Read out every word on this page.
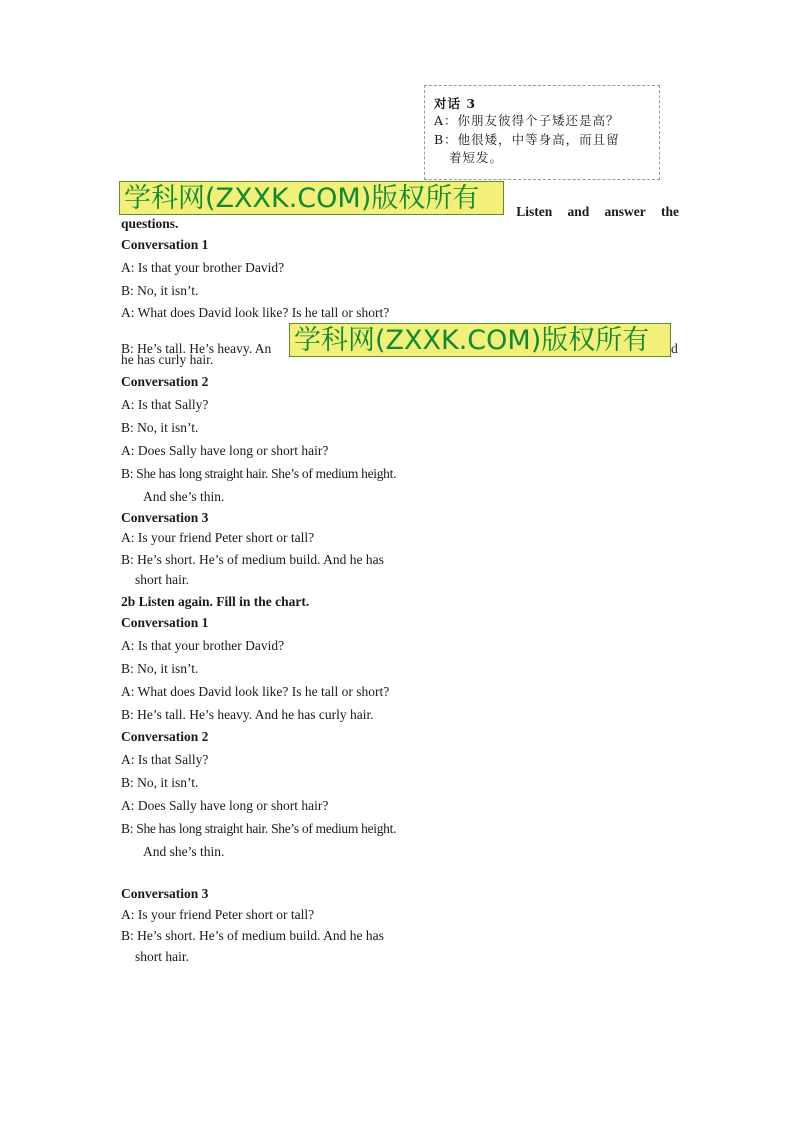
对话 3
A：你朋友彼得个子矮还是高？
B：他很矮，中等身高，而且留
着短发。
Listen and answer the
questions.
学科网(ZXXK.COM)版权所有
Conversation 1
A: Is that your brother David?
B: No, it isn’t.
A: What does David look like? Is he tall or short?
B: He’s tall. He’s heavy. An	d
he has curly hair.
学科网(ZXXK.COM)版权所有
Conversation 2
A: Is that Sally?
B: No, it isn’t.
A: Does Sally have long or short hair?
B: She has long straight hair. She’s of medium height.
And she’s thin.
Conversation 3
A: Is your friend Peter short or tall?
B: He’s short. He’s of medium build. And he has
short hair.
2b Listen again. Fill in the chart.
Conversation 1
A: Is that your brother David?
B: No, it isn’t.
A: What does David look like? Is he tall or short?
B: He’s tall. He’s heavy. And he has curly hair.
Conversation 2
A: Is that Sally?
B: No, it isn’t.
A: Does Sally have long or short hair?
B: She has long straight hair. She’s of medium height.
And she’s thin.
Conversation 3
A: Is your friend Peter short or tall?
B: He’s short. He’s of medium build. And he has
short hair.
